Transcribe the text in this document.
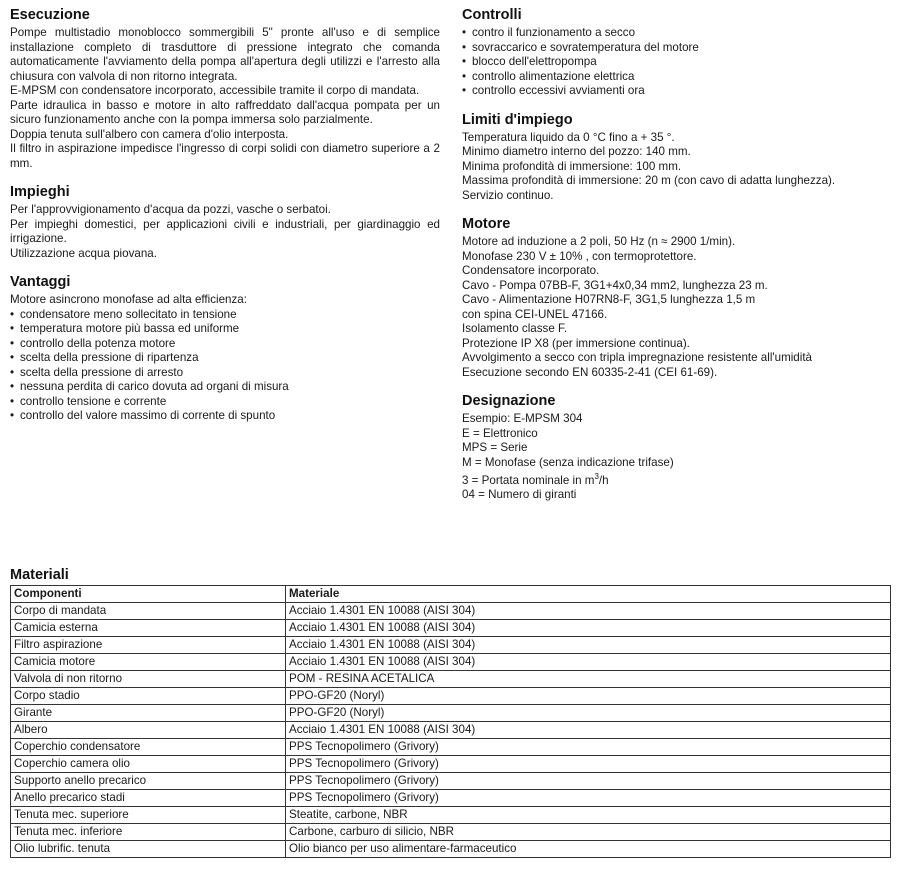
Esecuzione

Pompe multistadio monoblocco sommergibili 5" pronte all'uso e di semplice installazione completo di trasduttore di pressione integrato che comanda automaticamente l'avviamento della pompa all'apertura degli utilizzi e l'arresto alla chiusura con valvola di non ritorno integrata.

E-MPSM con condensatore incorporato, accessibile tramite il corpo di mandata.

Parte idraulica in basso e motore in alto raffreddato dall'acqua pompata per un sicuro funzionamento anche con la pompa immersa solo parzialmente.

Doppia tenuta sull'albero con camera d'olio interposta.

Il filtro in aspirazione impedisce l'ingresso di corpi solidi con diametro superiore a 2 mm.

Impieghi

Per l'approvvigionamento d'acqua da pozzi, vasche o serbatoi.

Per impieghi domestici, per applicazioni civili e industriali, per giardinaggio ed irrigazione.

Utilizzazione acqua piovana.

Vantaggi

Motore asincrono monofase ad alta efficienza:

• condensatore meno sollecitato in tensione
• temperatura motore più bassa ed uniforme
• controllo della potenza motore
• scelta della pressione di ripartenza
• scelta della pressione di arresto
• nessuna perdita di carico dovuta ad organi di misura
• controllo tensione e corrente
• controllo del valore massimo di corrente di spunto
Controlli
• contro il funzionamento a secco
• sovraccarico e sovratemperatura del motore
• blocco dell'elettropompa
• controllo alimentazione elettrica
• controllo eccessivi avviamenti ora
Limiti d'impiego

Temperatura liquido da 0 °C fino a + 35 °.

Minimo diametro interno del pozzo: 140 mm.

Minima profondità di immersione: 100 mm.

Massima profondità di immersione: 20 m (con cavo di adatta lunghezza).

Servizio continuo.

Motore

Motore ad induzione a 2 poli, 50 Hz (n ≈ 2900 1/min).

Monofase 230 V ± 10% , con termoprotettore.

Condensatore incorporato.

Cavo - Pompa 07BB-F, 3G1+4x0,34 mm2, lunghezza 23 m.

Cavo - Alimentazione H07RN8-F, 3G1,5 lunghezza 1,5 m

con spina CEI-UNEL 47166.

Isolamento classe F.

Protezione IP X8 (per immersione continua).

Avvolgimento a secco con tripla impregnazione resistente all'umidità

Esecuzione secondo EN 60335-2-41 (CEI 61-69).

Designazione

Esempio: E-MPSM 304

E = Elettronico

MPS = Serie

M = Monofase (senza indicazione trifase)

3 = Portata nominale in $m^3/h$

04 = Numero di giranti

Materiali
Componenti	Materiale
Corpo di mandata	Acciaio 1.4301 EN 10088 (AISI 304)
Camicia esterna	Acciaio 1.4301 EN 10088 (AISI 304)
Filtro aspirazione	Acciaio 1.4301 EN 10088 (AISI 304)
Camicia motore	Acciaio 1.4301 EN 10088 (AISI 304)
Valvola di non ritorno	POM - RESINA ACETALICA
Corpo stadio	PPO-GF20 (Noryl)
Girante	PPO-GF20 (Noryl)
Albero	Acciaio 1.4301 EN 10088 (AISI 304)
Coperchio condensatore	PPS Tecnopolimero (Grivory)
Coperchio camera olio	PPS Tecnopolimero (Grivory)
Supporto anello precarico	PPS Tecnopolimero (Grivory)
Anello precarico stadi	PPS Tecnopolimero (Grivory)
Tenuta mec. superiore	Steatite, carbone, NBR
Tenuta mec. inferiore	Carbone, carburo di silicio, NBR
Olio lubrific. tenuta	Olio bianco per uso alimentare-farmaceutico
